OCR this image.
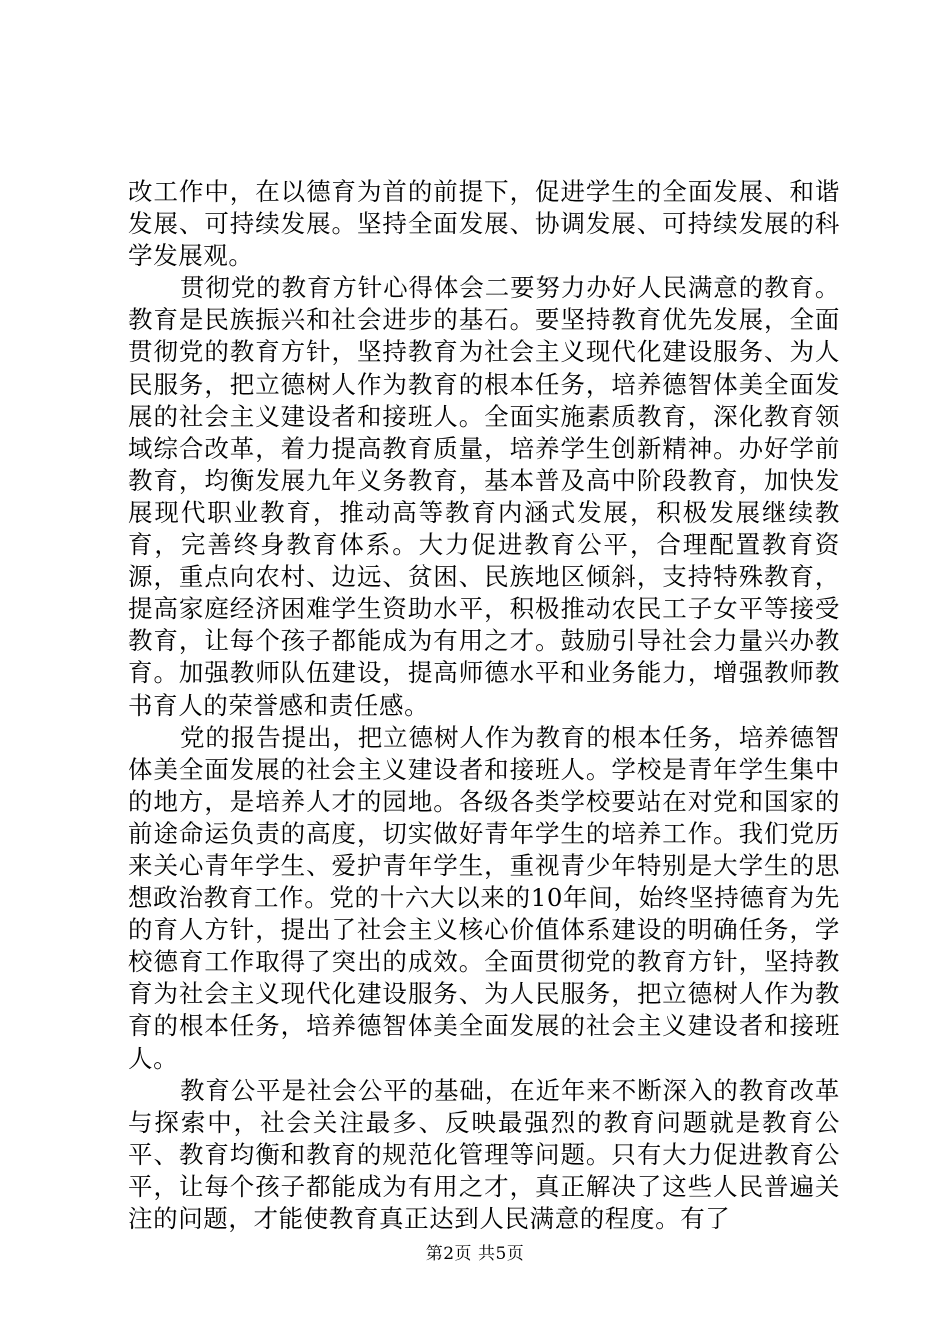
改工作中，在以德育为首的前提下，促进学生的全面发展、和谐发展、可持续发展。坚持全面发展、协调发展、可持续发展的科学发展观。

贯彻党的教育方针心得体会二要努力办好人民满意的教育。教育是民族振兴和社会进步的基石。要坚持教育优先发展，全面贯彻党的教育方针，坚持教育为社会主义现代化建设服务、为人民服务，把立德树人作为教育的根本任务，培养德智体美全面发展的社会主义建设者和接班人。全面实施素质教育，深化教育领域综合改革，着力提高教育质量，培养学生创新精神。办好学前教育，均衡发展九年义务教育，基本普及高中阶段教育，加快发展现代职业教育，推动高等教育内涵式发展，积极发展继续教育，完善终身教育体系。大力促进教育公平，合理配置教育资源，重点向农村、边远、贫困、民族地区倾斜，支持特殊教育，提高家庭经济困难学生资助水平，积极推动农民工子女平等接受教育，让每个孩子都能成为有用之才。鼓励引导社会力量兴办教育。加强教师队伍建设，提高师德水平和业务能力，增强教师教书育人的荣誉感和责任感。

党的报告提出，把立德树人作为教育的根本任务，培养德智体美全面发展的社会主义建设者和接班人。学校是青年学生集中的地方，是培养人才的园地。各级各类学校要站在对党和国家的前途命运负责的高度，切实做好青年学生的培养工作。我们党历来关心青年学生、爱护青年学生，重视青少年特别是大学生的思想政治教育工作。党的十六大以来的10年间，始终坚持德育为先的育人方针，提出了社会主义核心价值体系建设的明确任务，学校德育工作取得了突出的成效。全面贯彻党的教育方针，坚持教育为社会主义现代化建设服务、为人民服务，把立德树人作为教育的根本任务，培养德智体美全面发展的社会主义建设者和接班人。

教育公平是社会公平的基础，在近年来不断深入的教育改革与探索中，社会关注最多、反映最强烈的教育问题就是教育公平、教育均衡和教育的规范化管理等问题。只有大力促进教育公平，让每个孩子都能成为有用之才，真正解决了这些人民普遍关注的问题，才能使教育真正达到人民满意的程度。有了

第2页 共5页
